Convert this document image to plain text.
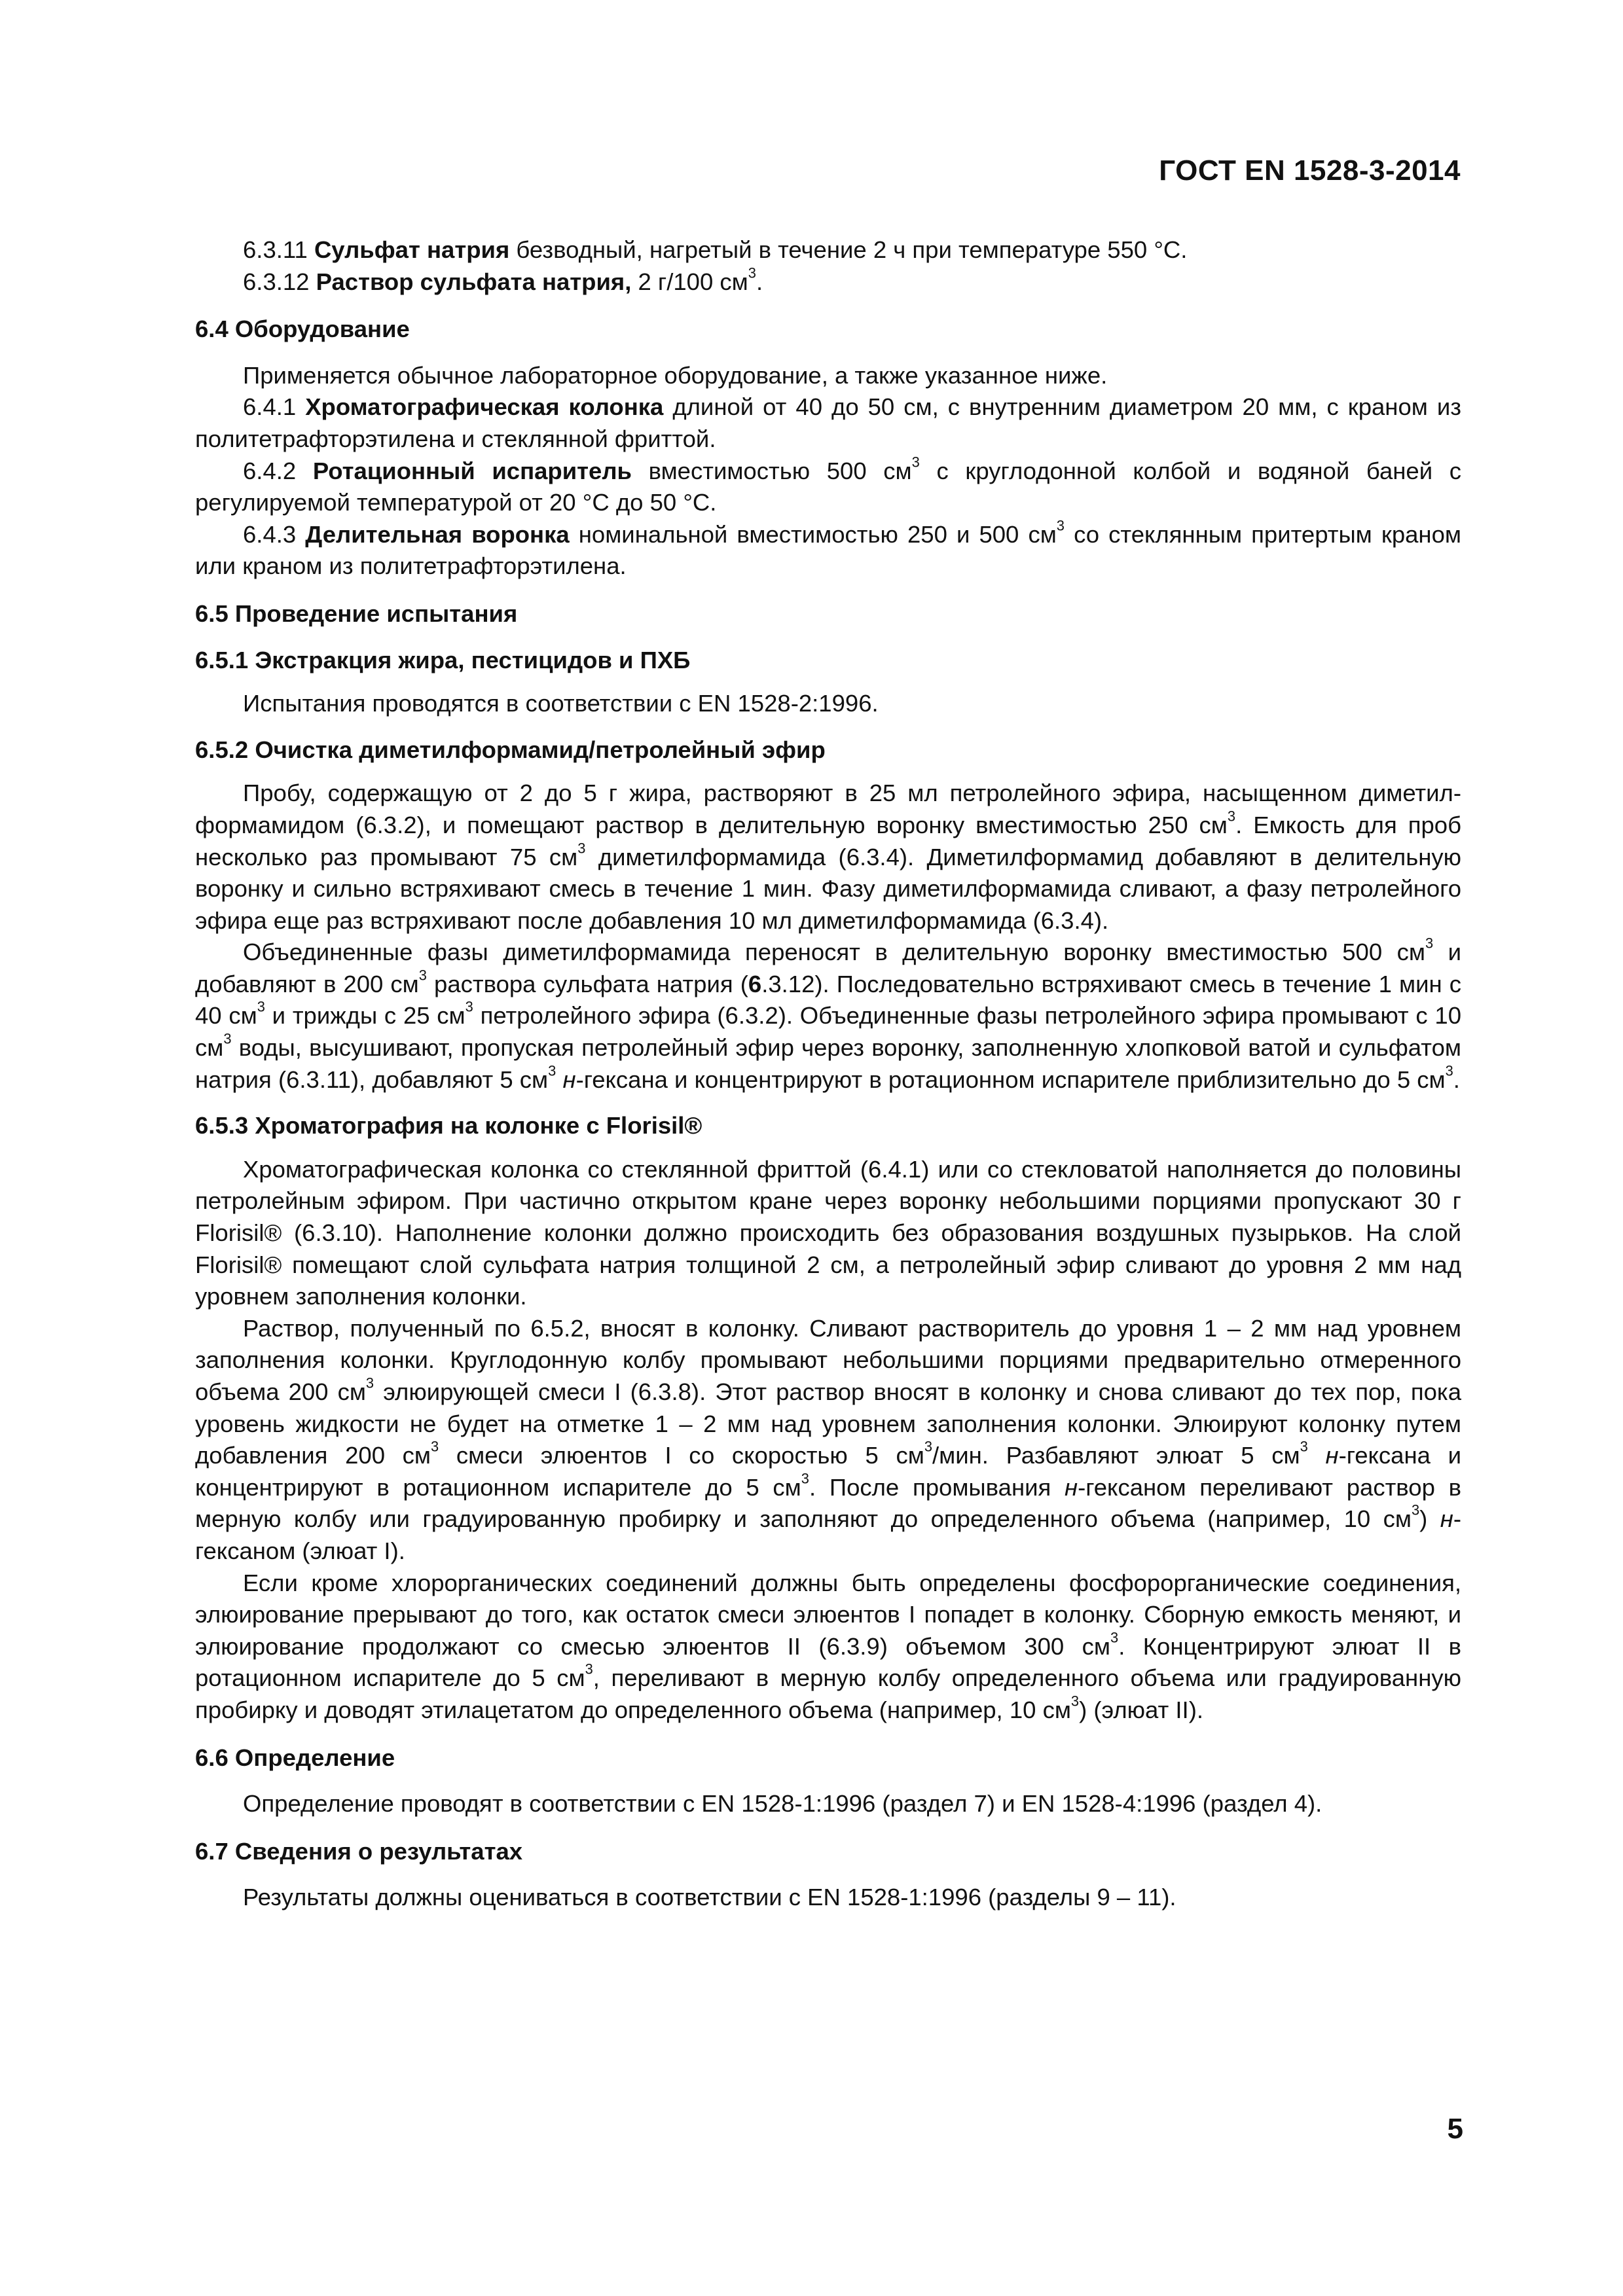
ГОСТ EN 1528-3-2014

6.3.11 Сульфат натрия безводный, нагретый в течение 2 ч при температуре 550 °С.

6.3.12 Раствор сульфата натрия, 2 г/100 $см^3$.

6.4 Оборудование

Применяется обычное лабораторное оборудование, а также указанное ниже.

6.4.1 Хроматографическая колонка длиной от 40 до 50 см, с внутренним диаметром 20 мм, с краном из политетрафторэтилена и стеклянной фриттой.

6.4.2 Ротационный испаритель вместимостью 500 $см^3$ с круглодонной колбой и водяной баней с регулируемой температурой от 20 °С до 50 °С.

6.4.3 Делительная воронка номинальной вместимостью 250 и 500 $см^3$ со стеклянным притертым краном или краном из политетрафторэтилена.

6.5 Проведение испытания

6.5.1 Экстракция жира, пестицидов и ПХБ

Испытания проводятся в соответствии с EN 1528-2:1996.

6.5.2 Очистка диметилформамид/петролейный эфир

Пробу, содержащую от 2 до 5 г жира, растворяют в 25 мл петролейного эфира, насыщенном диметил-формамидом (6.3.2), и помещают раствор в делительную воронку вместимостью 250 $см^3$. Емкость для проб несколько раз промывают 75 $см^3$ диметилформамида (6.3.4). Диметилформамид добавляют в делительную воронку и сильно встряхивают смесь в течение 1 мин. Фазу диметилформамида сливают, а фазу петролейного эфира еще раз встряхивают после добавления 10 мл диметилформамида (6.3.4).

Объединенные фазы диметилформамида переносят в делительную воронку вместимостью 500 $см^3$ и добавляют в 200 $см^3$ раствора сульфата натрия (6.3.12). Последовательно встряхивают смесь в течение 1 мин с 40 $см^3$ и трижды с 25 $см^3$ петролейного эфира (6.3.2). Объединенные фазы петролейного эфира промывают с 10 $см^3$ воды, высушивают, пропуская петролейный эфир через воронку, заполненную хлопковой ватой и сульфатом натрия (6.3.11), добавляют 5 $см^3$ н-гексана и концентрируют в ротационном испарителе приблизительно до 5 $см^3$.

6.5.3 Хроматография на колонке с Florisil®

Хроматографическая колонка со стеклянной фриттой (6.4.1) или со стекловатой наполняется до половины петролейным эфиром. При частично открытом кране через воронку небольшими порциями пропускают 30 г Florisil® (6.3.10). Наполнение колонки должно происходить без образования воздушных пузырьков. На слой Florisil® помещают слой сульфата натрия толщиной 2 см, а петролейный эфир сливают до уровня 2 мм над уровнем заполнения колонки.

Раствор, полученный по 6.5.2, вносят в колонку. Сливают растворитель до уровня 1 – 2 мм над уровнем заполнения колонки. Круглодонную колбу промывают небольшими порциями предварительно отмеренного объема 200 $см^3$ элюирующей смеси I (6.3.8). Этот раствор вносят в колонку и снова сливают до тех пор, пока уровень жидкости не будет на отметке 1 – 2 мм над уровнем заполнения колонки. Элюируют колонку путем добавления 200 $см^3$ смеси элюентов I со скоростью 5 $см^3$/мин. Разбавляют элюат 5 $см^3$ н-гексана и концентрируют в ротационном испарителе до 5 $см^3$. После промывания н-гексаном переливают раствор в мерную колбу или градуированную пробирку и заполняют до определенного объема (например, 10 $см^3$) н-гексаном (элюат I).

Если кроме хлорорганических соединений должны быть определены фосфорорганические соединения, элюирование прерывают до того, как остаток смеси элюентов I попадет в колонку. Сборную емкость меняют, и элюирование продолжают со смесью элюентов II (6.3.9) объемом 300 $см^3$. Концентрируют элюат II в ротационном испарителе до 5 $см^3$, переливают в мерную колбу определенного объема или градуированную пробирку и доводят этилацетатом до определенного объема (например, 10 $см^3$) (элюат II).

6.6 Определение

Определение проводят в соответствии с EN 1528-1:1996 (раздел 7) и EN 1528-4:1996 (раздел 4).

6.7 Сведения о результатах

Результаты должны оцениваться в соответствии с EN 1528-1:1996 (разделы 9 – 11).

5
